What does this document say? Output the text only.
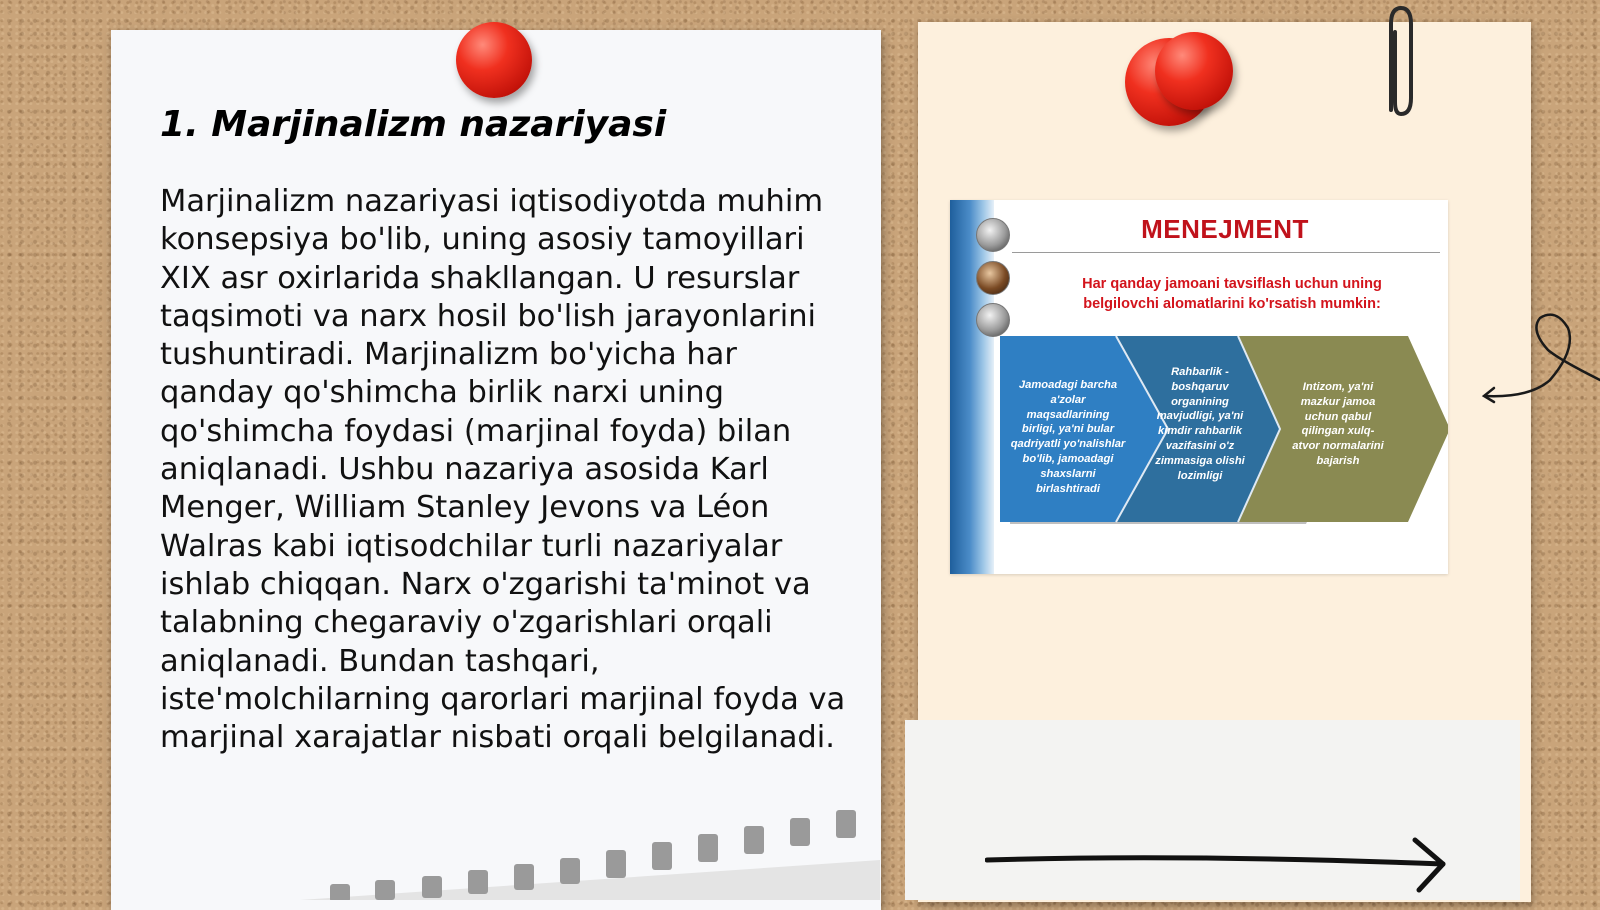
1. Marjinalizm nazariyasi

Marjinalizm nazariyasi iqtisodiyotda muhim konsepsiya bo'lib, uning asosiy tamoyillari XIX asr oxirlarida shakllangan. U resurslar taqsimoti va narx hosil bo'lish jarayonlarini tushuntiradi. Marjinalizm bo'yicha har qanday qo'shimcha birlik narxi uning qo'shimcha foydasi (marjinal foyda) bilan aniqlanadi. Ushbu nazariya asosida Karl Menger, William Stanley Jevons va Léon Walras kabi iqtisodchilar turli nazariyalar ishlab chiqqan. Narx o'zgarishi ta'minot va talabning chegaraviy o'zgarishlari orqali aniqlanadi. Bundan tashqari, iste'molchilarning qarorlari marjinal foyda va marjinal xarajatlar nisbati orqali belgilanadi.

MENEJMENT
Har qanday jamoani tavsiflash uchun uning
belgilovchi alomatlarini ko'rsatish mumkin:

Jamoadagi barcha a'zolar maqsadlarining birligi, ya'ni bular qadriyatli yo'nalishlar bo'lib, jamoadagi shaxslarni birlashtiradi

Rahbarlik - boshqaruv organining mavjudligi, ya'ni kimdir rahbarlik vazifasini o'z zimmasiga olishi lozimligi

Intizom, ya'ni mazkur jamoa uchun qabul qilingan xulq-atvor normalarini bajarish
